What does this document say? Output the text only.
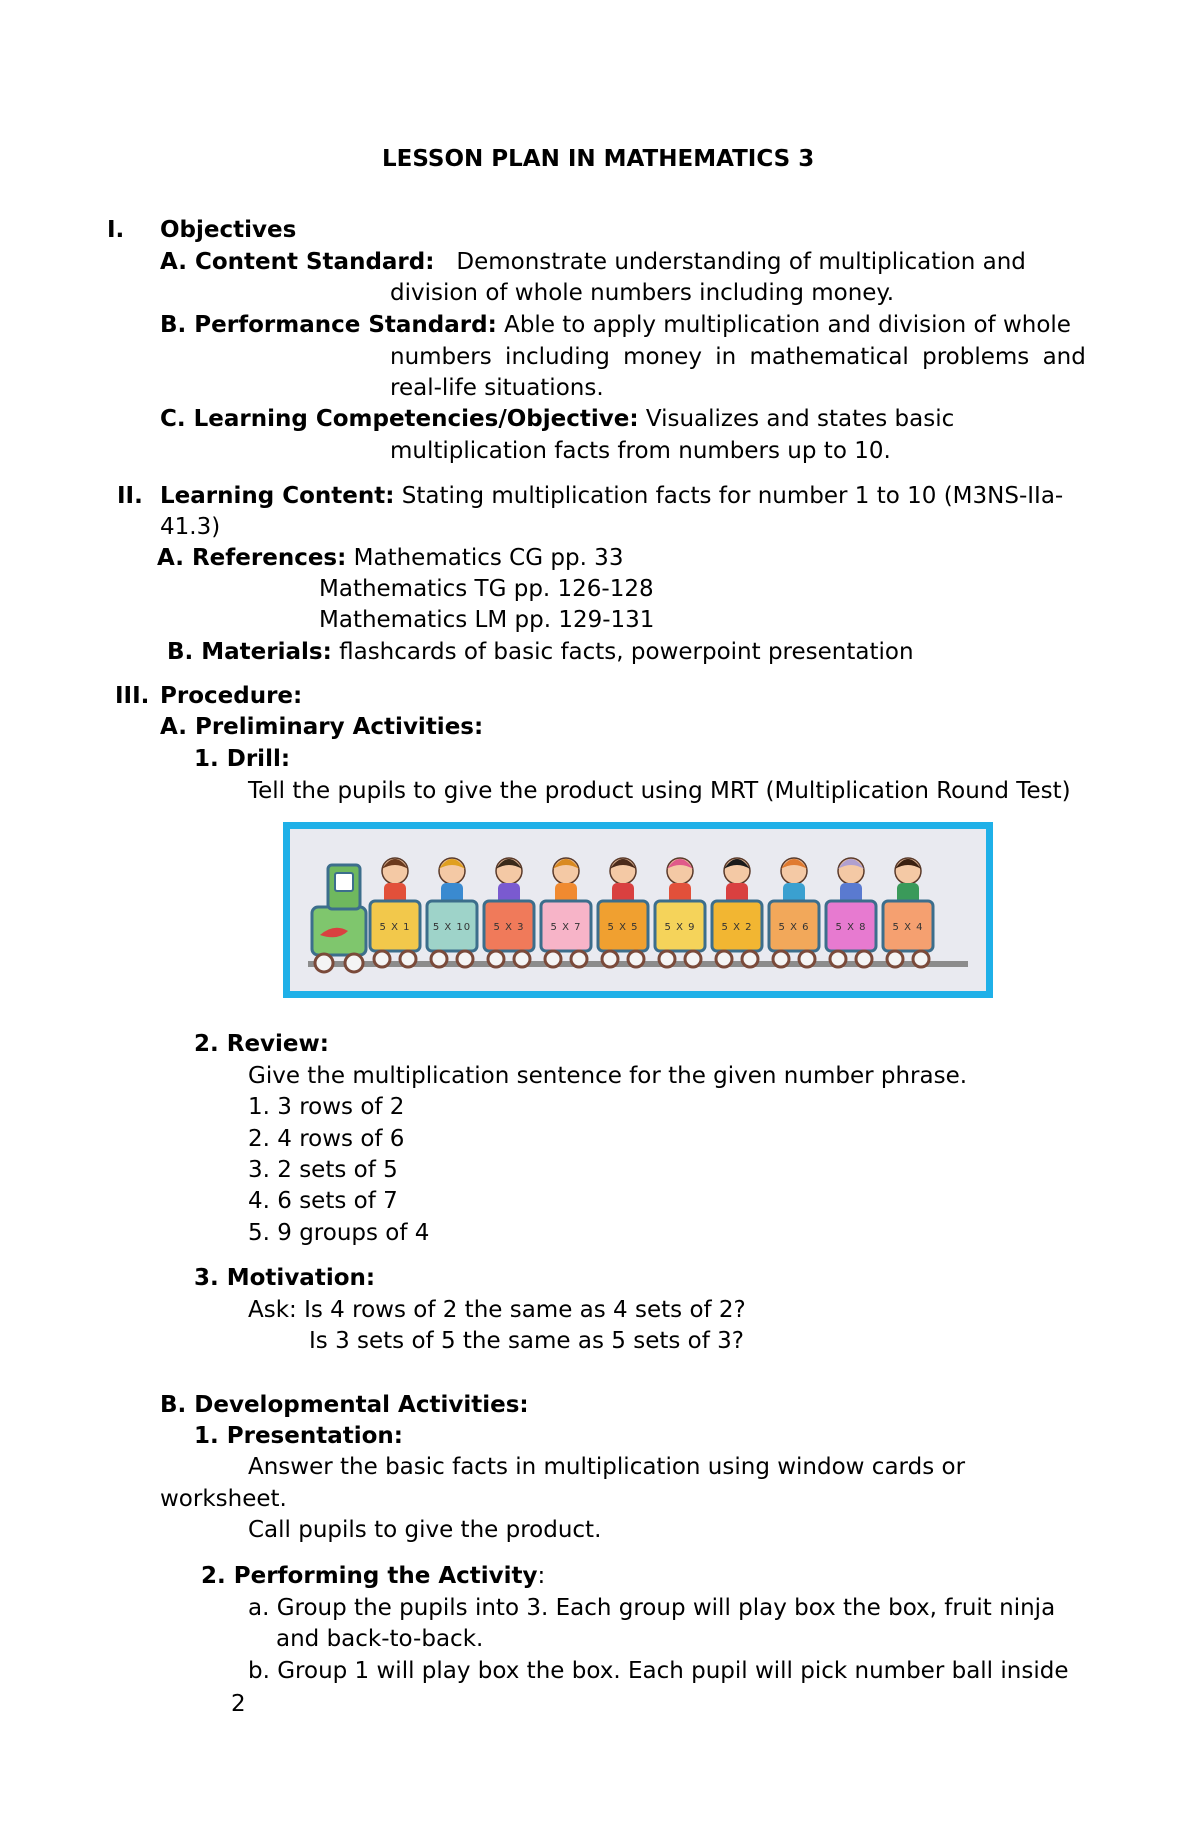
LESSON PLAN IN MATHEMATICS 3
I. Objectives
A. Content Standard: Demonstrate understanding of multiplication and
division of whole numbers including money.
B. Performance Standard: Able to apply multiplication and division of whole
numbers including money in mathematical problems and
real-life situations.
C. Learning Competencies/Objective: Visualizes and states basic
multiplication facts from numbers up to 10.
II. Learning Content: Stating multiplication facts for number 1 to 10 (M3NS-IIa-
41.3)
A. References: Mathematics CG pp. 33
Mathematics TG pp. 126-128
Mathematics LM pp. 129-131
B. Materials: flashcards of basic facts, powerpoint presentation
III. Procedure:
A. Preliminary Activities:
1. Drill:
Tell the pupils to give the product using MRT (Multiplication Round Test)
5 X 1 5 X 10 5 X 3	5 X 7	5 X 5	5 X 9	5 X 2	5 X 6	5 X 8	5 X 4
2. Review:
Give the multiplication sentence for the given number phrase.
1. 3 rows of 2
2. 4 rows of 6
3. 2 sets of 5
4. 6 sets of 7
5. 9 groups of 4
3. Motivation:
Ask: Is 4 rows of 2 the same as 4 sets of 2?
Is 3 sets of 5 the same as 5 sets of 3?
B. Developmental Activities:
1. Presentation:
Answer the basic facts in multiplication using window cards or
worksheet.
Call pupils to give the product.
2. Performing the Activity:
a. Group the pupils into 3. Each group will play box the box, fruit ninja
and back-to-back.
b. Group 1 will play box the box. Each pupil will pick number ball inside
2
